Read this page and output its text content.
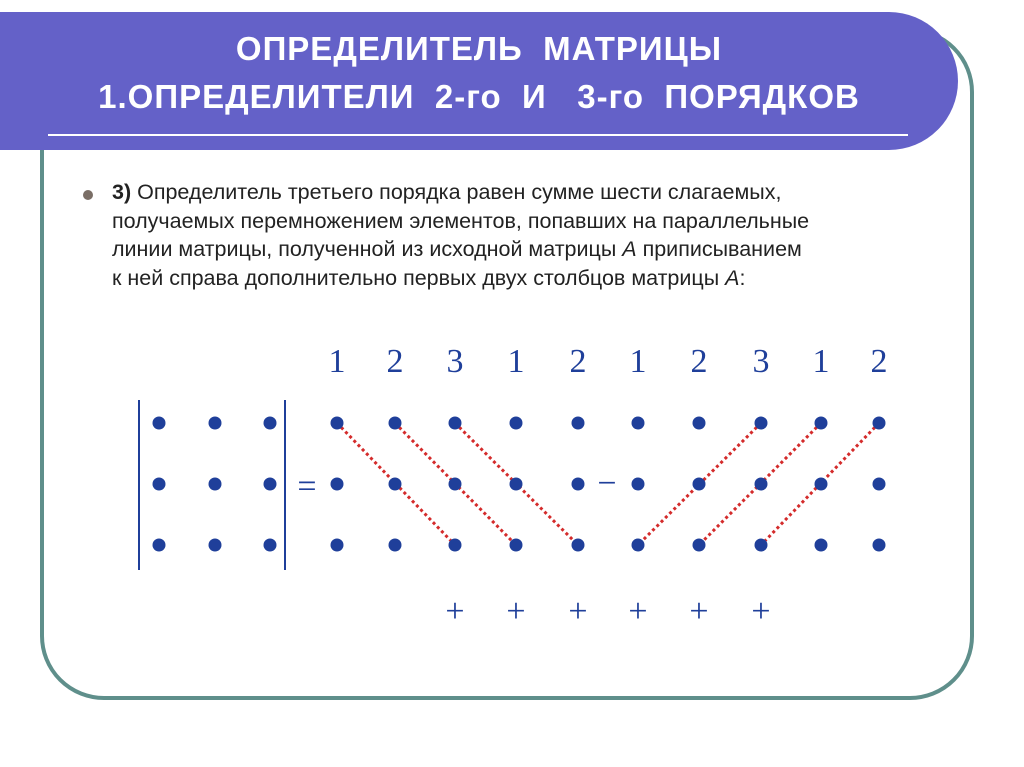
ОПРЕДЕЛИТЕЛЬ  МАТРИЦЫ
1.ОПРЕДЕЛИТЕЛИ  2-го  И   3-го  ПОРЯДКОВ
3) Определитель третьего порядка равен сумме шести слагаемых,
получаемых перемножением элементов, попавших на параллельные
линии матрицы, полученной из исходной матрицы A приписыванием
к ней справа дополнительно первых двух столбцов матрицы A:
1 2 3 1 2 1 2 3 1 2
=	−
+ + + + + +
